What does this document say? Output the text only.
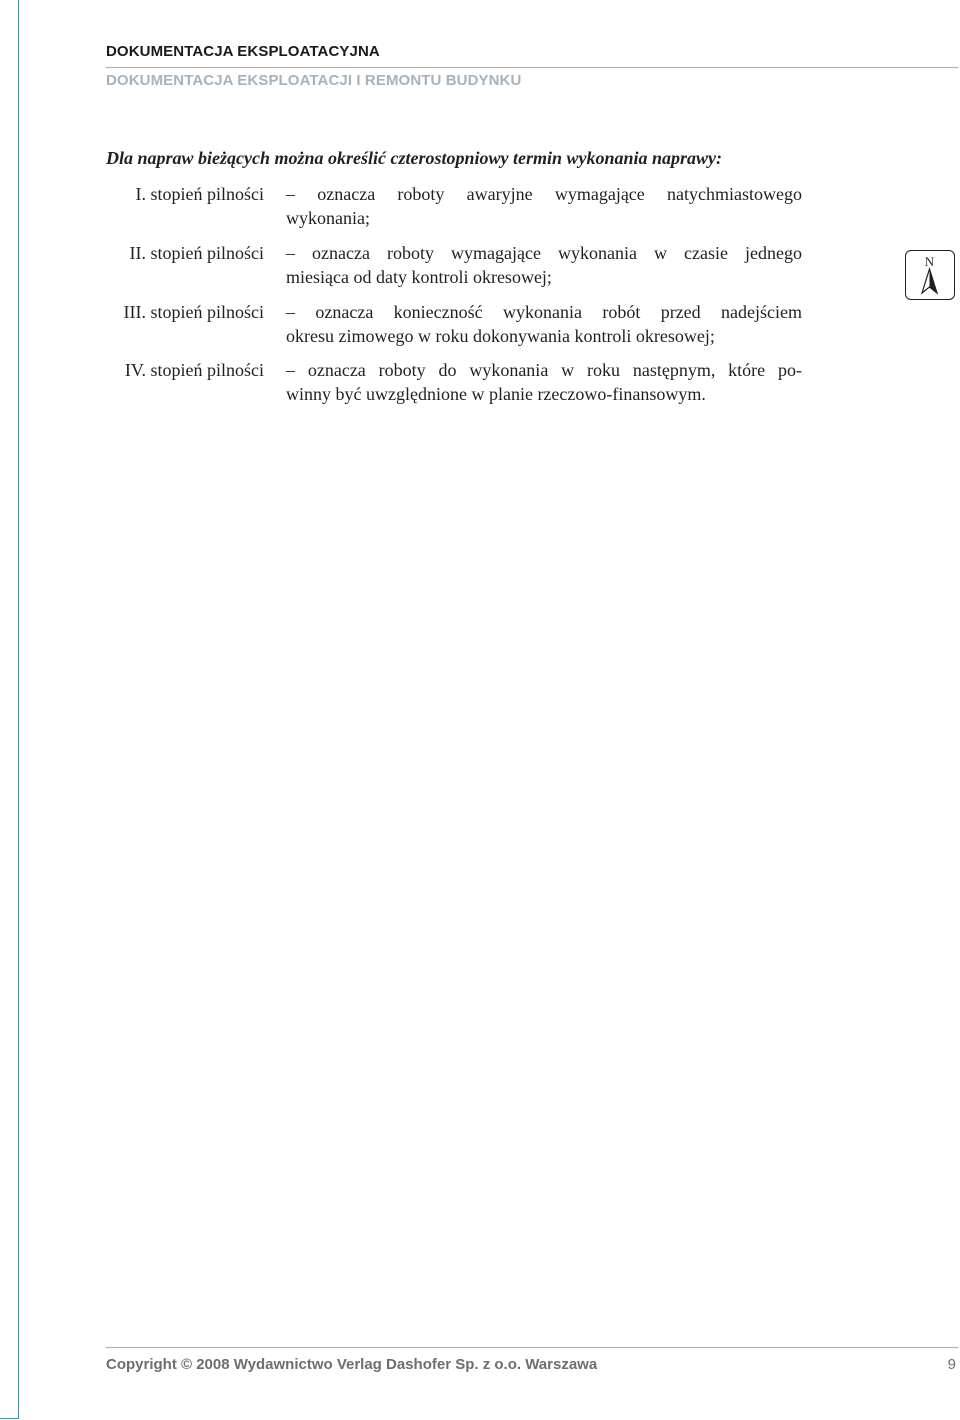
DOKUMENTACJA EKSPLOATACYJNA
DOKUMENTACJA EKSPLOATACJI I REMONTU BUDYNKU
Dla napraw bieżących można określić czterostopniowy termin wykonania naprawy:
I. stopień pilności – oznacza roboty awaryjne wymagające natychmiastowego
wykonania;
II. stopień pilności – oznacza roboty wymagające wykonania w czasie jednego
miesiąca od daty kontroli okresowej;
III. stopień pilności – oznacza konieczność wykonania robót przed nadejściem
okresu zimowego w roku dokonywania kontroli okresowej;
IV. stopień pilności – oznacza roboty do wykonania w roku następnym, które po-
winny być uwzględnione w planie rzeczowo-finansowym.
N
Copyright © 2008 Wydawnictwo Verlag Dashofer Sp. z o.o. Warszawa	9
